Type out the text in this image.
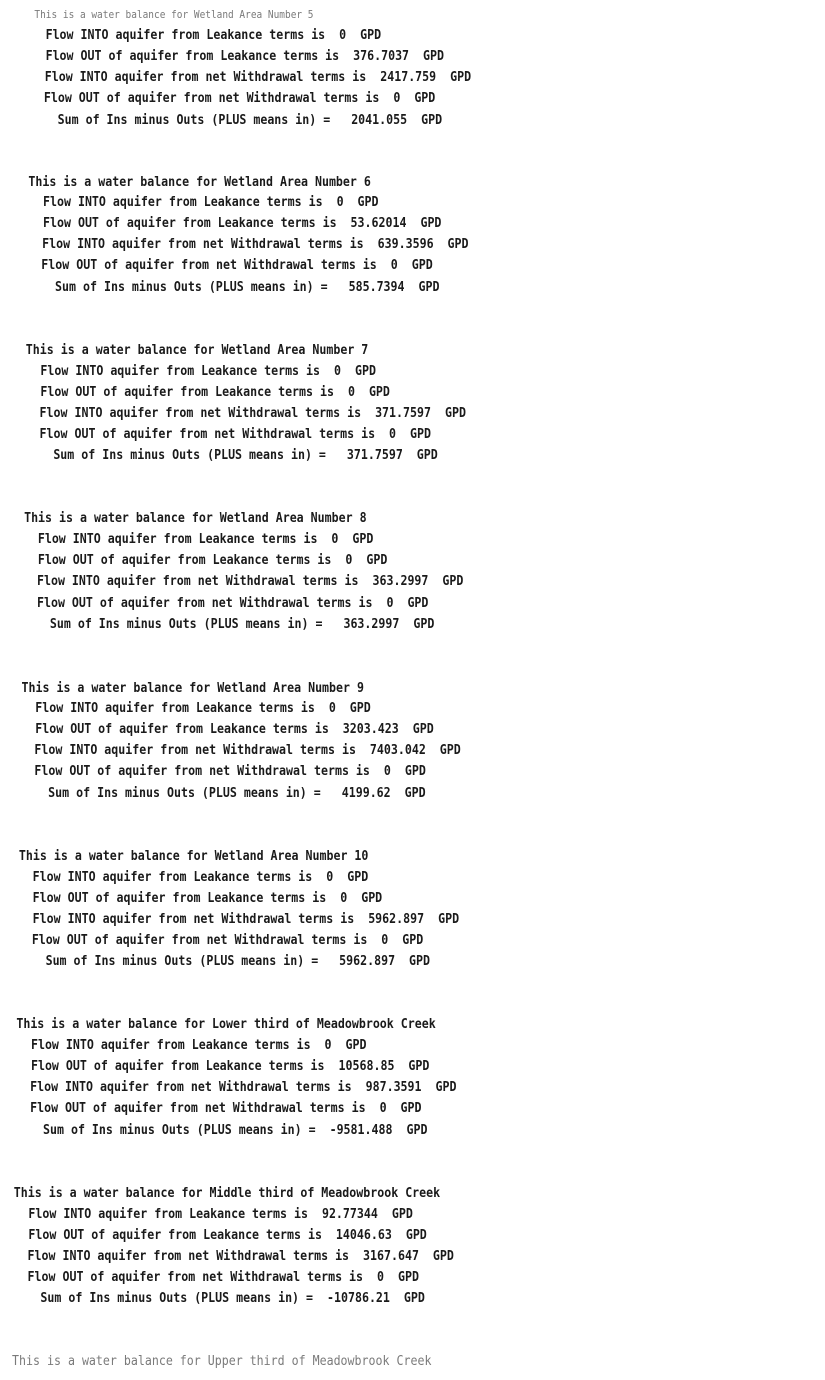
This is a water balance for Wetland Area Number 5
Flow INTO aquifer from Leakance terms is  0  GPD
Flow OUT of aquifer from Leakance terms is  376.7037  GPD
Flow INTO aquifer from net Withdrawal terms is  2417.759  GPD
Flow OUT of aquifer from net Withdrawal terms is  0  GPD
Sum of Ins minus Outs (PLUS means in) =   2041.055  GPD
This is a water balance for Wetland Area Number 6
Flow INTO aquifer from Leakance terms is  0  GPD
Flow OUT of aquifer from Leakance terms is  53.62014  GPD
Flow INTO aquifer from net Withdrawal terms is  639.3596  GPD
Flow OUT of aquifer from net Withdrawal terms is  0  GPD
Sum of Ins minus Outs (PLUS means in) =   585.7394  GPD
This is a water balance for Wetland Area Number 7
Flow INTO aquifer from Leakance terms is  0  GPD
Flow OUT of aquifer from Leakance terms is  0  GPD
Flow INTO aquifer from net Withdrawal terms is  371.7597  GPD
Flow OUT of aquifer from net Withdrawal terms is  0  GPD
Sum of Ins minus Outs (PLUS means in) =   371.7597  GPD
This is a water balance for Wetland Area Number 8
Flow INTO aquifer from Leakance terms is  0  GPD
Flow OUT of aquifer from Leakance terms is  0  GPD
Flow INTO aquifer from net Withdrawal terms is  363.2997  GPD
Flow OUT of aquifer from net Withdrawal terms is  0  GPD
Sum of Ins minus Outs (PLUS means in) =   363.2997  GPD
This is a water balance for Wetland Area Number 9
Flow INTO aquifer from Leakance terms is  0  GPD
Flow OUT of aquifer from Leakance terms is  3203.423  GPD
Flow INTO aquifer from net Withdrawal terms is  7403.042  GPD
Flow OUT of aquifer from net Withdrawal terms is  0  GPD
Sum of Ins minus Outs (PLUS means in) =   4199.62  GPD
This is a water balance for Wetland Area Number 10
Flow INTO aquifer from Leakance terms is  0  GPD
Flow OUT of aquifer from Leakance terms is  0  GPD
Flow INTO aquifer from net Withdrawal terms is  5962.897  GPD
Flow OUT of aquifer from net Withdrawal terms is  0  GPD
Sum of Ins minus Outs (PLUS means in) =   5962.897  GPD
This is a water balance for Lower third of Meadowbrook Creek
Flow INTO aquifer from Leakance terms is  0  GPD
Flow OUT of aquifer from Leakance terms is  10568.85  GPD
Flow INTO aquifer from net Withdrawal terms is  987.3591  GPD
Flow OUT of aquifer from net Withdrawal terms is  0  GPD
Sum of Ins minus Outs (PLUS means in) =  -9581.488  GPD
This is a water balance for Middle third of Meadowbrook Creek
Flow INTO aquifer from Leakance terms is  92.77344  GPD
Flow OUT of aquifer from Leakance terms is  14046.63  GPD
Flow INTO aquifer from net Withdrawal terms is  3167.647  GPD
Flow OUT of aquifer from net Withdrawal terms is  0  GPD
Sum of Ins minus Outs (PLUS means in) =  -10786.21  GPD
This is a water balance for Upper third of Meadowbrook Creek
